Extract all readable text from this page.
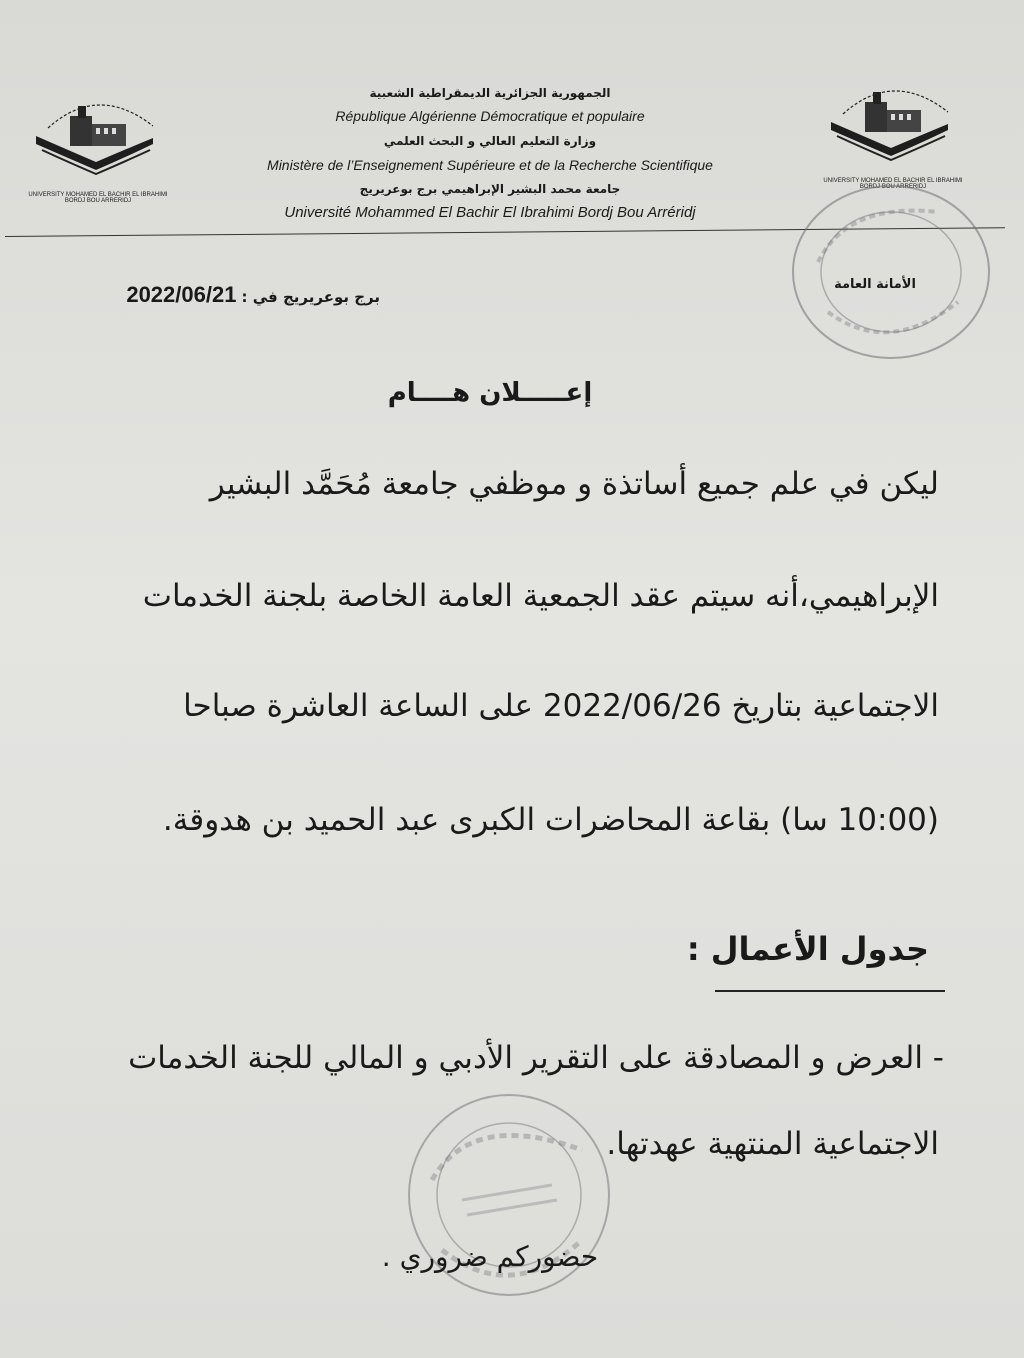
UNIVERSITY MOHAMED EL BACHIR EL IBRAHIMI
BORDJ BOU ARRERIDJ
UNIVERSITY MOHAMED EL BACHIR EL IBRAHIMI
BORDJ BOU ARRERIDJ
الجمهورية الجزائرية الديمقراطية الشعبية
République Algérienne Démocratique et populaire
وزارة التعليم العالي و البحث العلمي
Ministère de l’Enseignement Supérieure et de la Recherche Scientifique
جامعة محمد البشير الإبراهيمي برج بوعريريج
Université Mohammed El Bachir El Ibrahimi Bordj Bou Arréridj
الأمانة العامة
برج بوعريريج في : 2022/06/21
إعـــــلان هــــام
ليكن في علم جميع أساتذة و موظفي جامعة مُحَمَّد البشير
الإبراهيمي،أنه سيتم عقد الجمعية العامة الخاصة بلجنة الخدمات
الاجتماعية بتاريخ 2022/06/26 على الساعة العاشرة صباحا
(10:00 سا) بقاعة المحاضرات الكبرى عبد الحميد بن هدوقة.
جدول الأعمال :
- العرض و المصادقة على التقرير الأدبي و المالي للجنة الخدمات
الاجتماعية المنتهية عهدتها.
حضوركم ضروري .
